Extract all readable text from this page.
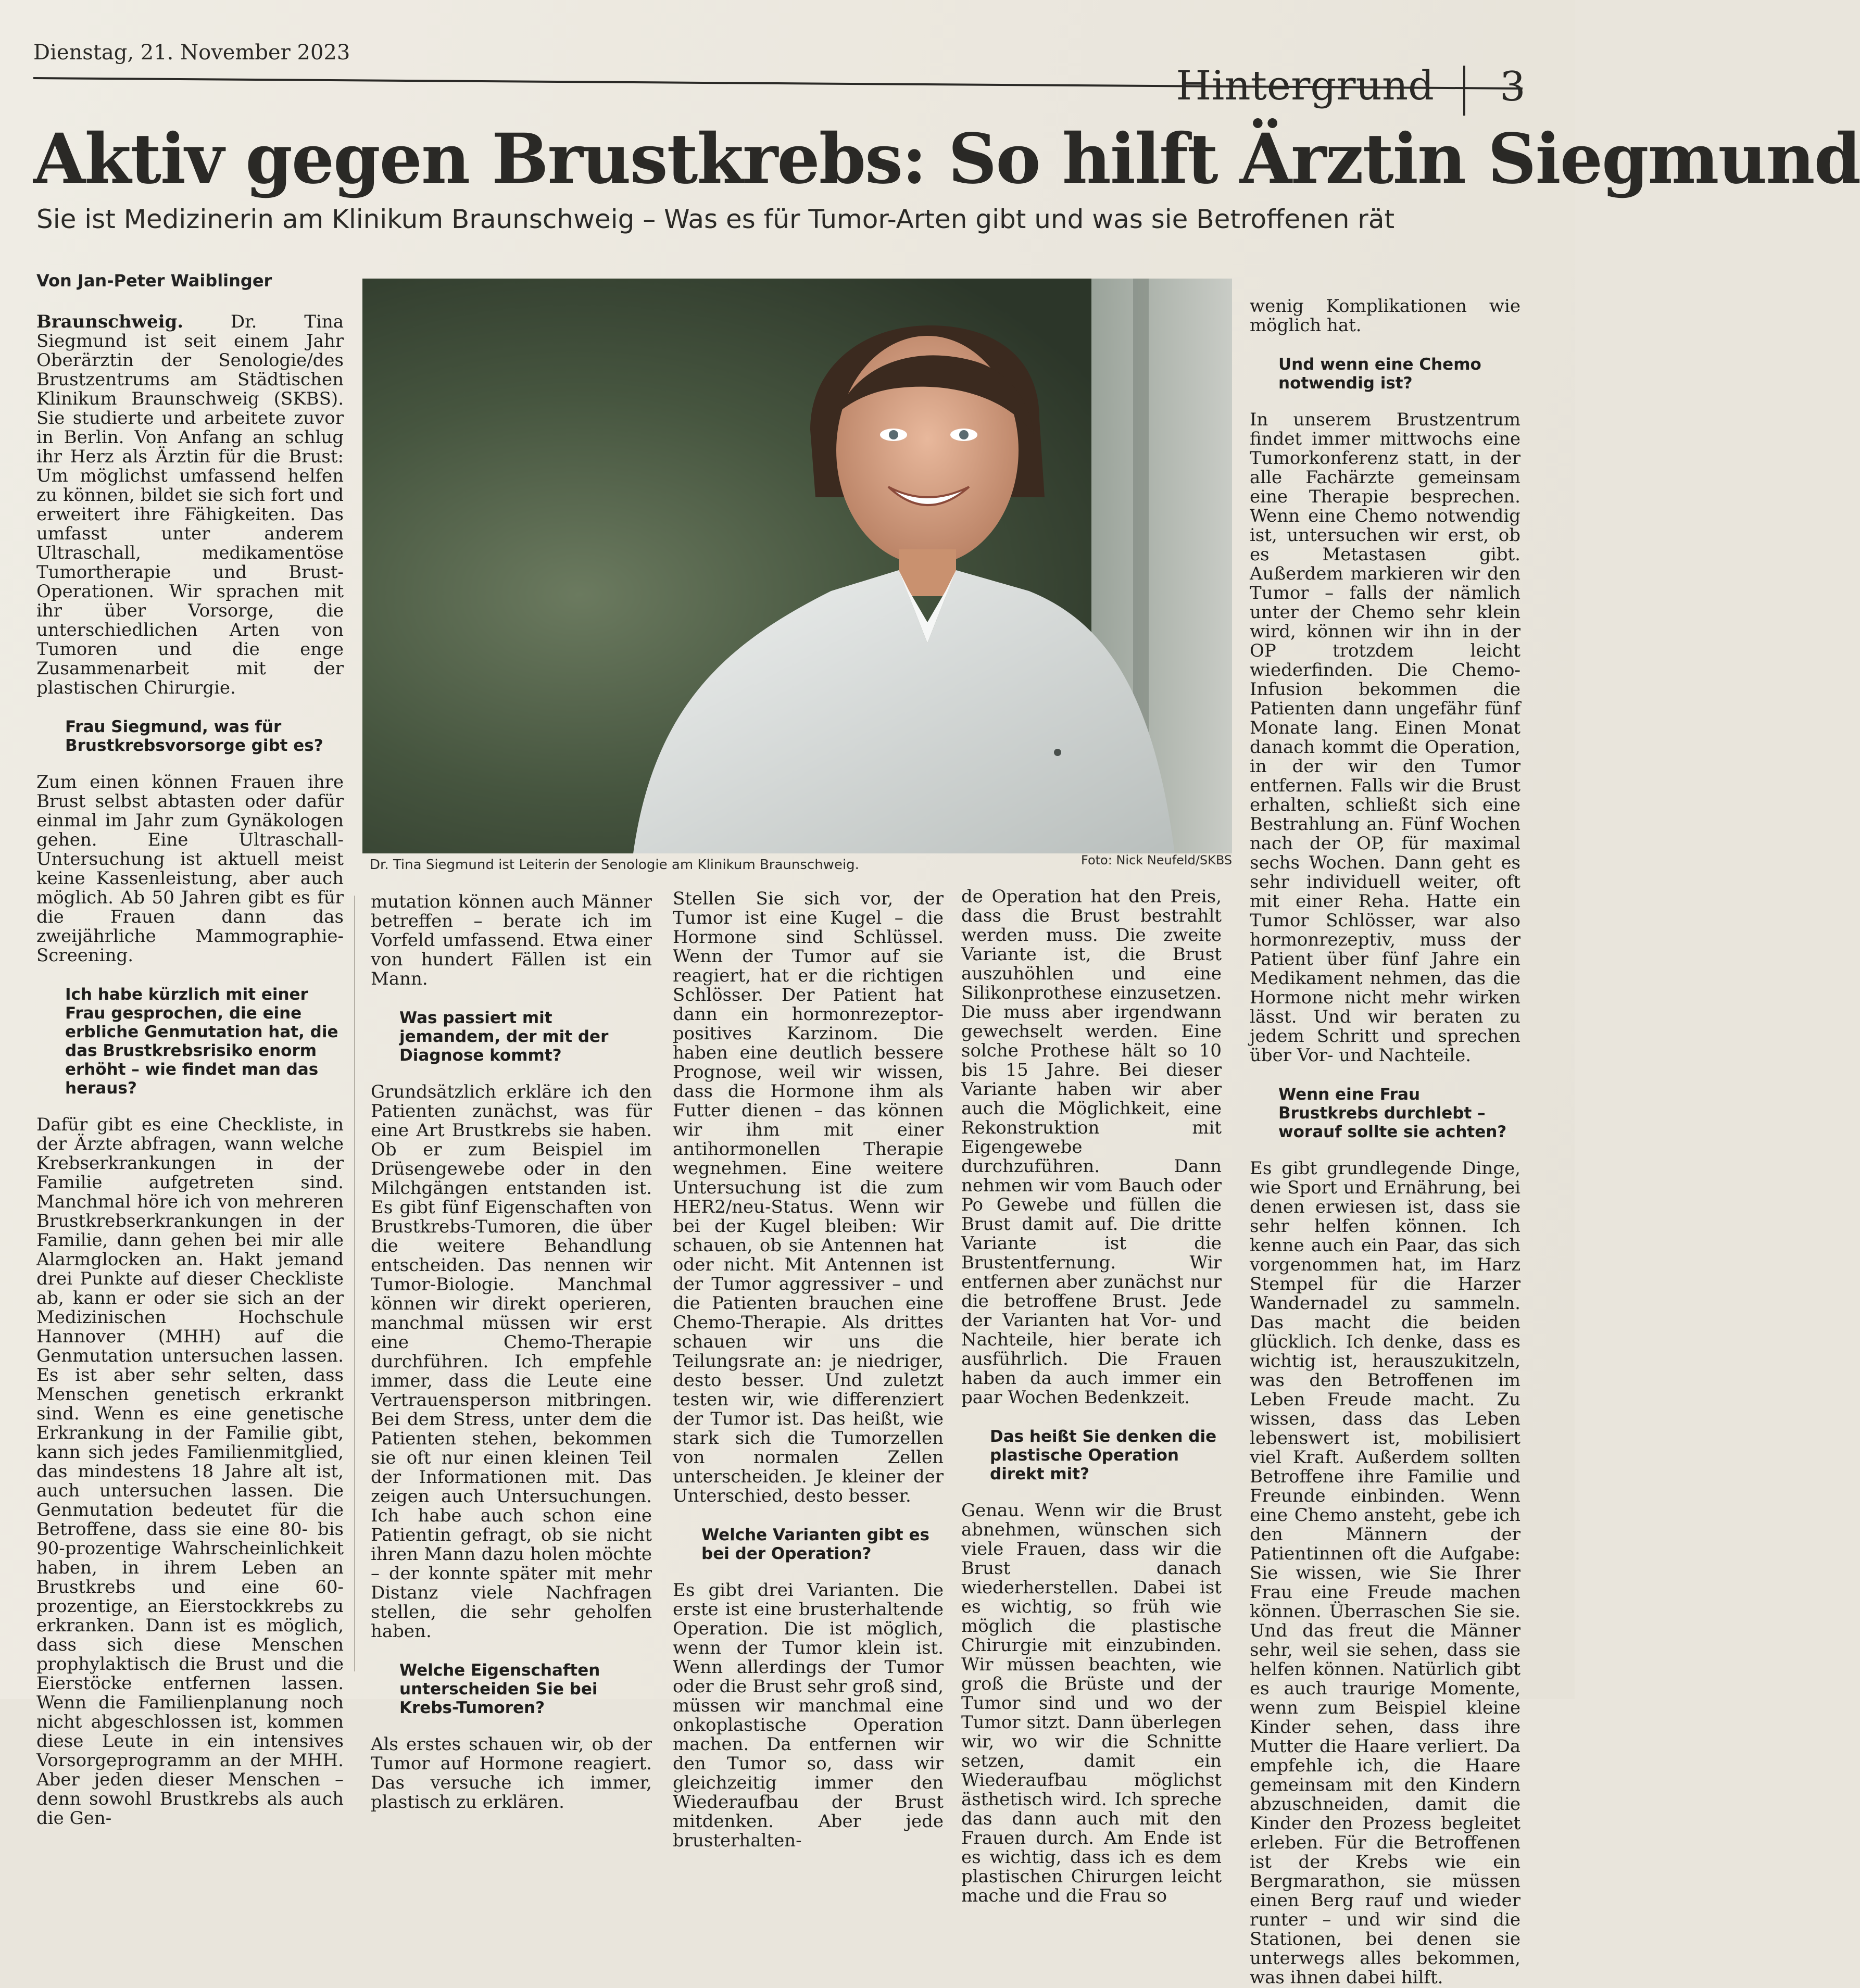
Dienstag, 21. November 2023
Hintergrund 3
Aktiv gegen Brustkrebs: So hilft Ärztin Siegmund
Sie ist Medizinerin am Klinikum Braunschweig – Was es für Tumor-Arten gibt und was sie Betroffenen rät
Von Jan-Peter Waiblinger

Braunschweig.	Dr. Tina Siegmund ist seit einem Jahr Oberärztin der Senologie/des Brustzentrums am Städtischen Klinikum Braunschweig (SKBS). Sie studierte und arbeitete zuvor in Berlin. Von Anfang an schlug ihr Herz als Ärztin für die Brust: Um möglichst umfassend helfen zu können, bildet sie sich fort und erweitert ihre Fähigkeiten. Das umfasst unter anderem Ultraschall, medikamentöse Tumortherapie und Brust-Operationen. Wir sprachen mit ihr über Vorsorge, die unterschiedlichen Arten von Tumoren und die enge Zusammenarbeit mit der plastischen Chirurgie.

Frau Siegmund, was für Brustkrebsvorsorge gibt es?

Zum einen können Frauen ihre Brust selbst abtasten oder dafür einmal im Jahr zum Gynäkologen gehen. Eine Ultraschall-Untersuchung ist aktuell meist keine Kassenleistung, aber auch möglich. Ab 50 Jahren gibt es für die Frauen dann das zweijährliche Mammographie-Screening.

Ich habe kürzlich mit einer Frau gesprochen, die eine erbliche Genmutation hat, die das Brustkrebsrisiko enorm erhöht – wie findet man das heraus?

Dafür gibt es eine Checkliste, in der Ärzte abfragen, wann welche Krebserkrankungen in der Familie aufgetreten sind. Manchmal höre ich von mehreren Brustkrebserkrankungen in der Familie, dann gehen bei mir alle Alarmglocken an. Hakt jemand drei Punkte auf dieser Checkliste ab, kann er oder sie sich an der Medizinischen Hochschule Hannover (MHH) auf die Genmutation untersuchen lassen. Es ist aber sehr selten, dass Menschen genetisch erkrankt sind. Wenn es eine genetische Erkrankung in der Familie gibt, kann sich jedes Familienmitglied, das mindestens 18 Jahre alt ist, auch untersuchen lassen. Die Genmutation bedeutet für die Betroffene, dass sie eine 80- bis 90-prozentige Wahrscheinlichkeit haben, in ihrem Leben an Brustkrebs und eine 60-prozentige, an Eierstockkrebs zu erkranken. Dann ist es möglich, dass sich diese Menschen prophylaktisch die Brust und die Eierstöcke entfernen lassen. Wenn die Familienplanung noch nicht abgeschlossen ist, kommen diese Leute in ein intensives Vorsorgeprogramm an der MHH. Aber jeden dieser Menschen – denn sowohl Brustkrebs als auch die Gen-

Dr. Tina Siegmund ist Leiterin der Senologie am Klinikum Braunschweig.	Foto: Nick Neufeld/SKBS

mutation können auch Männer betreffen – berate ich im Vorfeld umfassend. Etwa einer von hundert Fällen ist ein Mann.

Was passiert mit jemandem, der mit der Diagnose kommt?

Grundsätzlich erkläre ich den Patienten zunächst, was für eine Art Brustkrebs sie haben. Ob er zum Beispiel im Drüsengewebe oder in den Milchgängen entstanden ist. Es gibt fünf Eigenschaften von Brustkrebs-Tumoren, die über die weitere Behandlung entscheiden. Das nennen wir Tumor-Biologie. Manchmal können wir direkt operieren, manchmal müssen wir erst eine Chemo-Therapie durchführen. Ich empfehle immer, dass die Leute eine Vertrauensperson mitbringen. Bei dem Stress, unter dem die Patienten stehen, bekommen sie oft nur einen kleinen Teil der Informationen mit. Das zeigen auch Untersuchungen. Ich habe auch schon eine Patientin gefragt, ob sie nicht ihren Mann dazu holen möchte – der konnte später mit mehr Distanz viele Nachfragen stellen, die sehr geholfen haben.

Welche Eigenschaften unterscheiden Sie bei Krebs-Tumoren?

Als erstes schauen wir, ob der Tumor auf Hormone reagiert. Das versuche ich immer, plastisch zu erklären.

Stellen Sie sich vor, der Tumor ist eine Kugel – die Hormone sind Schlüssel. Wenn der Tumor auf sie reagiert, hat er die richtigen Schlösser. Der Patient hat dann ein hormonrezeptor-positives Karzinom. Die haben eine deutlich bessere Prognose, weil wir wissen, dass die Hormone ihm als Futter dienen – das können wir ihm mit einer antihormonellen Therapie wegnehmen. Eine weitere Untersuchung ist die zum HER2/neu-Status. Wenn wir bei der Kugel bleiben: Wir schauen, ob sie Antennen hat oder nicht. Mit Antennen ist der Tumor aggressiver – und die Patienten brauchen eine Chemo-Therapie. Als drittes schauen wir uns die Teilungsrate an: je niedriger, desto besser. Und zuletzt testen wir, wie differenziert der Tumor ist. Das heißt, wie stark sich die Tumorzellen von normalen Zellen unterscheiden. Je kleiner der Unterschied, desto besser.

Welche Varianten gibt es bei der Operation?

Es gibt drei Varianten. Die erste ist eine brusterhaltende Operation. Die ist möglich, wenn der Tumor klein ist. Wenn allerdings der Tumor oder die Brust sehr groß sind, müssen wir manchmal eine onkoplastische Operation machen. Da entfernen wir den Tumor so, dass wir gleichzeitig immer den Wiederaufbau der Brust mitdenken. Aber jede brusterhalten-

de Operation hat den Preis, dass die Brust bestrahlt werden muss. Die zweite Variante ist, die Brust auszuhöhlen und eine Silikonprothese einzusetzen. Die muss aber irgendwann gewechselt werden. Eine solche Prothese hält so 10 bis 15 Jahre. Bei dieser Variante haben wir aber auch die Möglichkeit, eine Rekonstruktion mit Eigengewebe durchzuführen. Dann nehmen wir vom Bauch oder Po Gewebe und füllen die Brust damit auf. Die dritte Variante ist die Brustentfernung. Wir entfernen aber zunächst nur die betroffene Brust. Jede der Varianten hat Vor- und Nachteile, hier berate ich ausführlich. Die Frauen haben da auch immer ein paar Wochen Bedenkzeit.

Das heißt Sie denken die plastische Operation direkt mit?

Genau. Wenn wir die Brust abnehmen, wünschen sich viele Frauen, dass wir die Brust danach wiederherstellen. Dabei ist es wichtig, so früh wie möglich die plastische Chirurgie mit einzubinden. Wir müssen beachten, wie groß die Brüste und der Tumor sind und wo der Tumor sitzt. Dann überlegen wir, wo wir die Schnitte setzen, damit ein Wiederaufbau möglichst ästhetisch wird. Ich spreche das dann auch mit den Frauen durch. Am Ende ist es wichtig, dass ich es dem plastischen Chirurgen leicht mache und die Frau so

wenig Komplikationen wie möglich hat.

Und wenn eine Chemo notwendig ist?

In unserem Brustzentrum findet immer mittwochs eine Tumorkonferenz statt, in der alle Fachärzte gemeinsam eine Therapie besprechen. Wenn eine Chemo notwendig ist, untersuchen wir erst, ob es Metastasen gibt. Außerdem markieren wir den Tumor – falls der nämlich unter der Chemo sehr klein wird, können wir ihn in der OP trotzdem leicht wiederfinden. Die Chemo-Infusion bekommen die Patienten dann ungefähr fünf Monate lang. Einen Monat danach kommt die Operation, in der wir den Tumor entfernen. Falls wir die Brust erhalten, schließt sich eine Bestrahlung an. Fünf Wochen nach der OP, für maximal sechs Wochen. Dann geht es sehr individuell weiter, oft mit einer Reha. Hatte ein Tumor Schlösser, war also hormonrezeptiv, muss der Patient über fünf Jahre ein Medikament nehmen, das die Hormone nicht mehr wirken lässt. Und wir beraten zu jedem Schritt und sprechen über Vor- und Nachteile.

Wenn eine Frau Brustkrebs durchlebt – worauf sollte sie achten?

Es gibt grundlegende Dinge, wie Sport und Ernährung, bei denen erwiesen ist, dass sie sehr helfen können. Ich kenne auch ein Paar, das sich vorgenommen hat, im Harz Stempel für die Harzer Wandernadel zu sammeln. Das macht die beiden glücklich. Ich denke, dass es wichtig ist, herauszukitzeln, was den Betroffenen im Leben Freude macht. Zu wissen, dass das Leben lebenswert ist, mobilisiert viel Kraft. Außerdem sollten Betroffene ihre Familie und Freunde einbinden. Wenn eine Chemo ansteht, gebe ich den Männern der Patientinnen oft die Aufgabe: Sie wissen, wie Sie Ihrer Frau eine Freude machen können. Überraschen Sie sie. Und das freut die Männer sehr, weil sie sehen, dass sie helfen können. Natürlich gibt es auch traurige Momente, wenn zum Beispiel kleine Kinder sehen, dass ihre Mutter die Haare verliert. Da empfehle ich, die Haare gemeinsam mit den Kindern abzuschneiden, damit die Kinder den Prozess begleitet erleben. Für die Betroffenen ist der Krebs wie ein Bergmarathon, sie müssen einen Berg rauf und wieder runter – und wir sind die Stationen, bei denen sie unterwegs alles bekommen, was ihnen dabei hilft.
